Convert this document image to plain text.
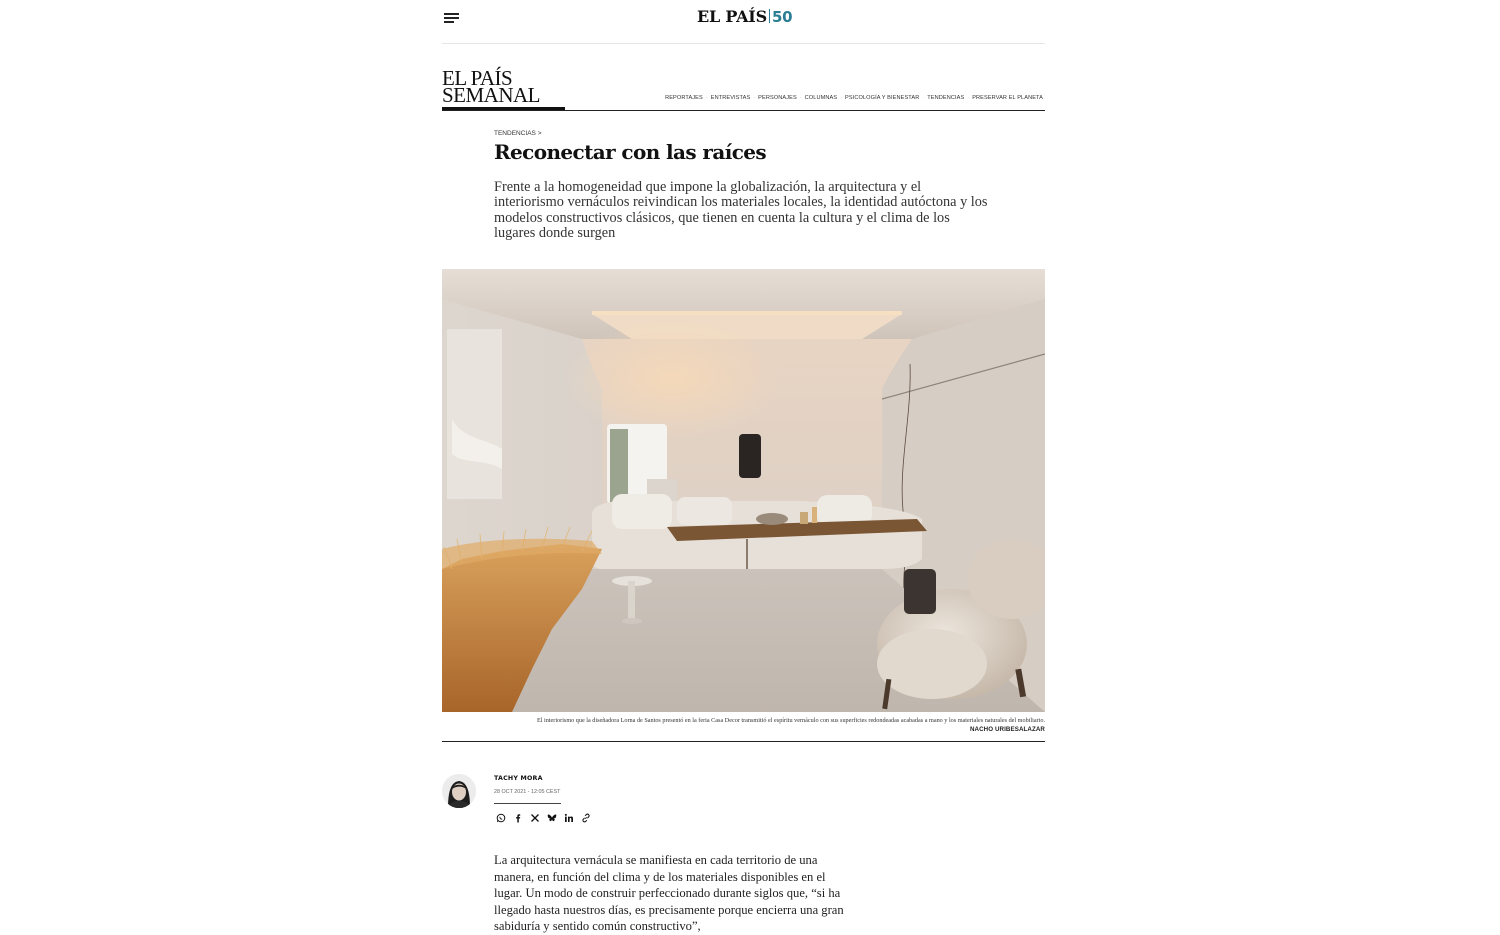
EL PAÍS 50
EL PAÍS
SEMANAL	REPORTAJES · ENTREVISTAS · PERSONAJES · COLUMNAS · PSICOLOGÍA Y BIENESTAR · TENDENCIAS · PRESERVAR EL PLANETA
TENDENCIAS >
Reconectar con las raíces

Frente a la homogeneidad que impone la globalización, la arquitectura y el interiorismo vernáculos reivindican los materiales locales, la identidad autóctona y los modelos constructivos clásicos, que tienen en cuenta la cultura y el clima de los lugares donde surgen

El interiorismo que la diseñadora Lorna de Santos presentó en la feria Casa Decor transmitió el espíritu vernáculo con sus superficies redondeadas acabadas a mano y los materiales naturales del mobiliario.
NACHO URIBESALAZAR
TACHY MORA
28 OCT 2021 - 12:05 CEST

La arquitectura vernácula se manifiesta en cada territorio de una manera, en función del clima y de los materiales disponibles en el lugar. Un modo de construir perfeccionado durante siglos que, “si ha llegado hasta nuestros días, es precisamente porque encierra una gran sabiduría y sentido común constructivo”,
